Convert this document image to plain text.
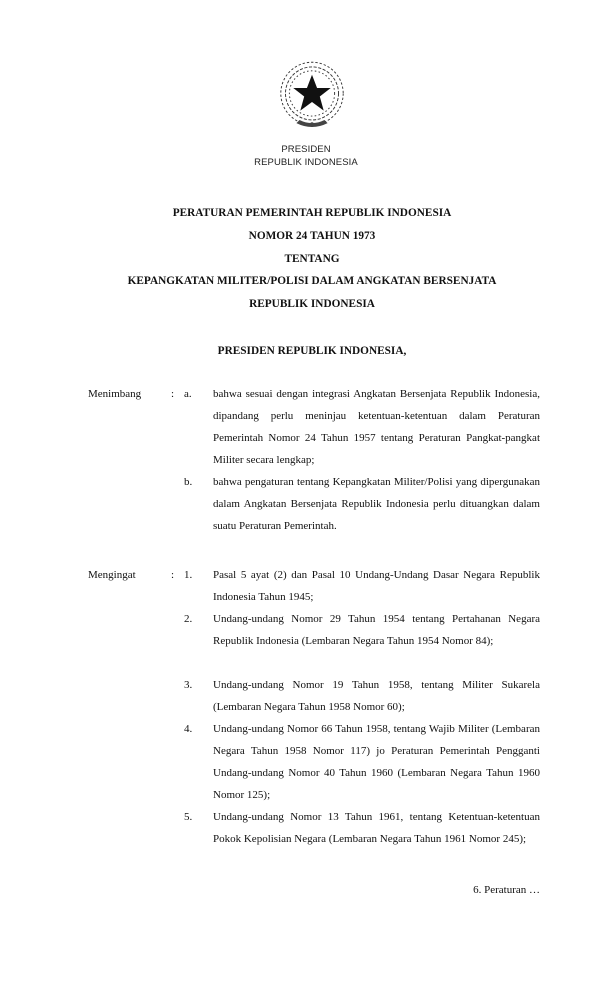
PRESIDEN
REPUBLIK INDONESIA
PERATURAN PEMERINTAH REPUBLIK INDONESIA
NOMOR 24 TAHUN 1973
TENTANG
KEPANGKATAN MILITER/POLISI DALAM ANGKATAN BERSENJATA
REPUBLIK INDONESIA
PRESIDEN REPUBLIK INDONESIA,
Menimbang	: a. bahwa sesuai dengan integrasi Angkatan Bersenjata Republik Indonesia, dipandang perlu meninjau ketentuan-ketentuan dalam Peraturan Pemerintah Nomor 24 Tahun 1957 tentang Peraturan Pangkat-pangkat Militer secara lengkap;
b. bahwa pengaturan tentang Kepangkatan Militer/Polisi yang dipergunakan dalam Angkatan Bersenjata Republik Indonesia perlu dituangkan dalam suatu Peraturan Pemerintah.
Mengingat	: 1. Pasal 5 ayat (2) dan Pasal 10 Undang-Undang Dasar Negara Republik Indonesia Tahun 1945;
2. Undang-undang Nomor 29 Tahun 1954 tentang Pertahanan Negara Republik Indonesia (Lembaran Negara Tahun 1954 Nomor 84);
3. Undang-undang Nomor 19 Tahun 1958, tentang Militer Sukarela (Lembaran Negara Tahun 1958 Nomor 60);
4. Undang-undang Nomor 66 Tahun 1958, tentang Wajib Militer (Lembaran Negara Tahun 1958 Nomor 117) jo Peraturan Pemerintah Pengganti Undang-undang Nomor 40 Tahun 1960 (Lembaran Negara Tahun 1960 Nomor 125);
5. Undang-undang Nomor 13 Tahun 1961, tentang Ketentuan-ketentuan Pokok Kepolisian Negara (Lembaran Negara Tahun 1961 Nomor 245);
6. Peraturan …
